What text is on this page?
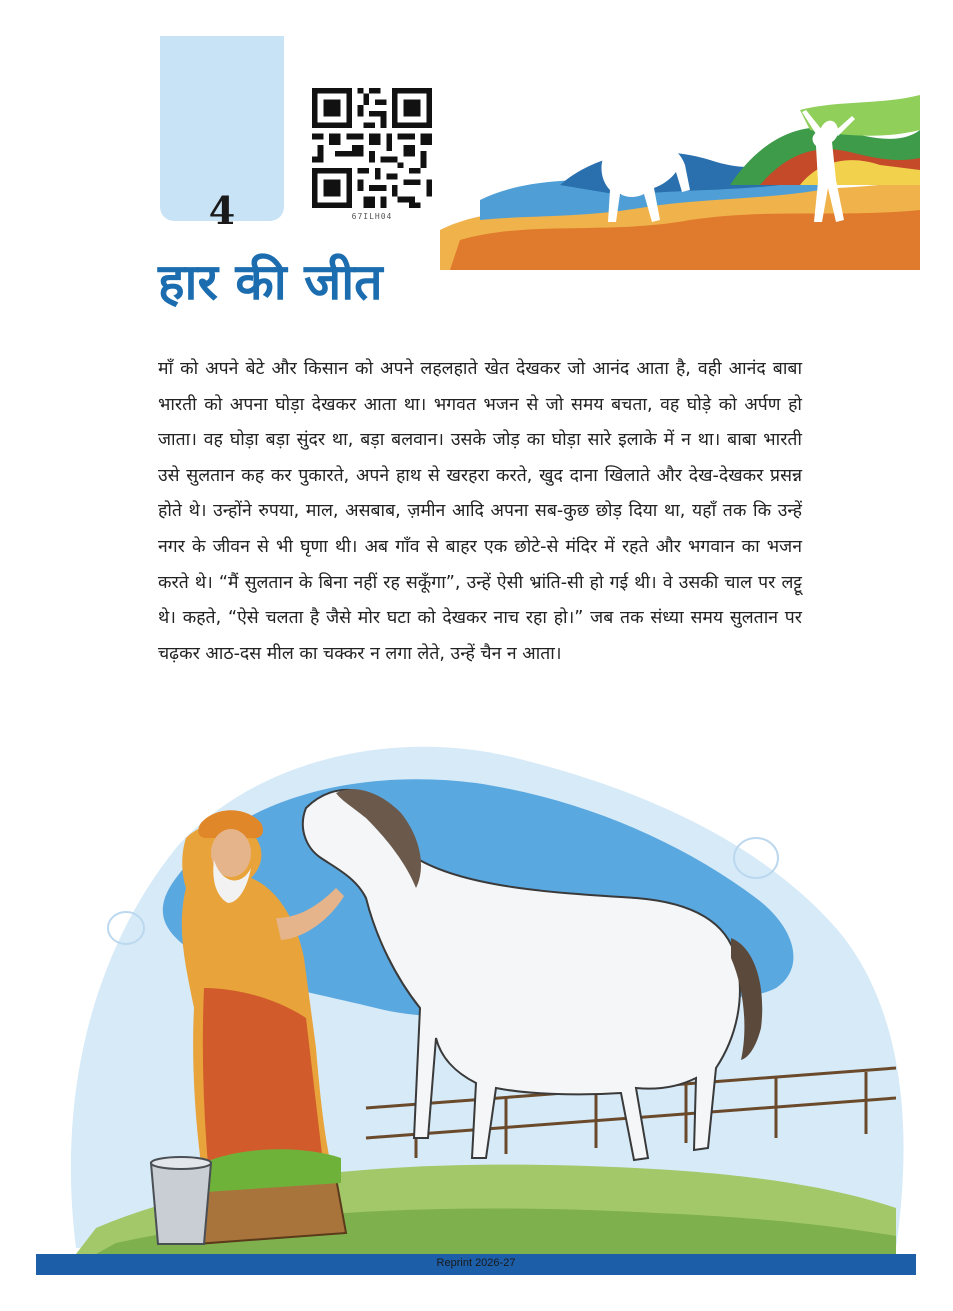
4	67ILH04
हार की जीत

माँ को अपने बेटे और किसान को अपने लहलहाते खेत देखकर जो आनंद आता है, वही आनंद बाबा भारती को अपना घोड़ा देखकर आता था। भगवत भजन से जो समय बचता, वह घोड़े को अर्पण हो जाता। वह घोड़ा बड़ा सुंदर था, बड़ा बलवान। उसके जोड़ का घोड़ा सारे इलाके में न था। बाबा भारती उसे सुलतान कह कर पुकारते, अपने हाथ से खरहरा करते, खुद दाना खिलाते और देख-देखकर प्रसन्न होते थे। उन्होंने रुपया, माल, असबाब, ज़मीन आदि अपना सब-कुछ छोड़ दिया था, यहाँ तक कि उन्हें नगर के जीवन से भी घृणा थी। अब गाँव से बाहर एक छोटे-से मंदिर में रहते और भगवान का भजन करते थे। “मैं सुलतान के बिना नहीं रह सकूँगा”, उन्हें ऐसी भ्रांति-सी हो गई थी। वे उसकी चाल पर लट्टू थे। कहते, “ऐसे चलता है जैसे मोर घटा को देखकर नाच रहा हो।” जब तक संध्या समय सुलतान पर चढ़कर आठ-दस मील का चक्कर न लगा लेते, उन्हें चैन न आता।

Reprint 2026-27
